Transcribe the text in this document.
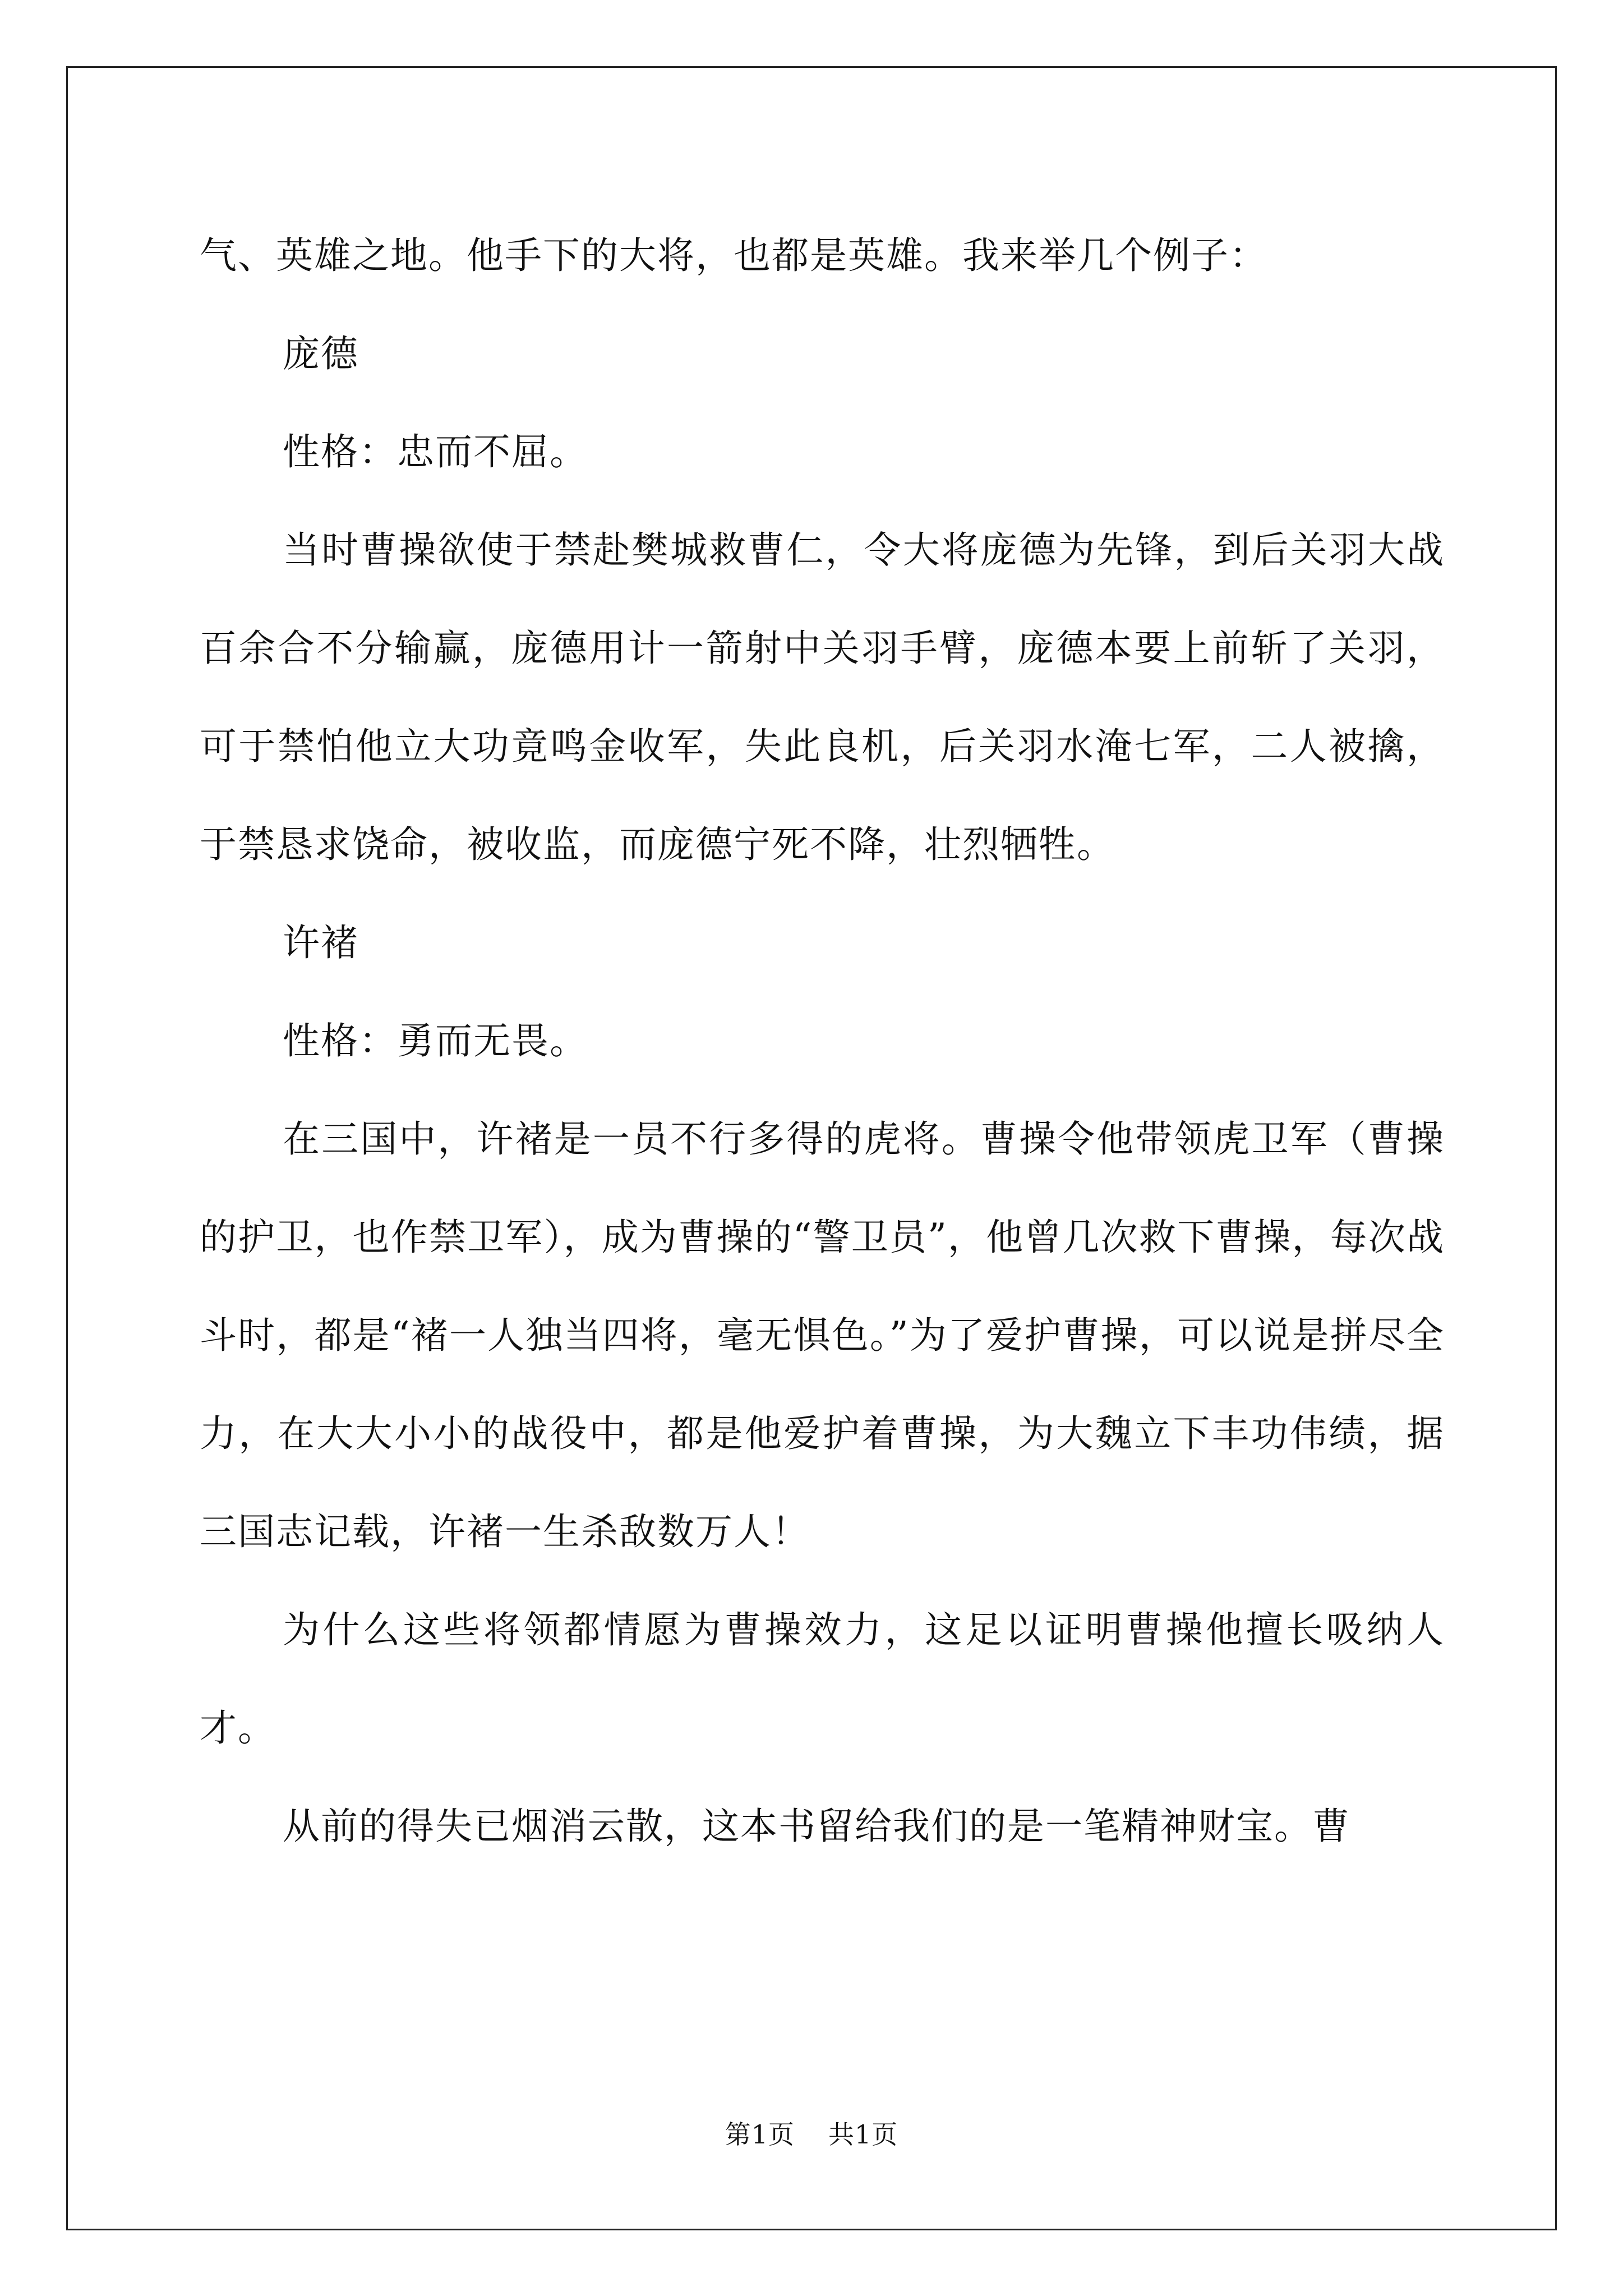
气、英雄之地。他手下的大将，也都是英雄。我来举几个例子：

庞德

性格：忠而不屈。

当时曹操欲使于禁赴樊城救曹仁，令大将庞德为先锋，到后关羽大战百余合不分输赢，庞德用计一箭射中关羽手臂，庞德本要上前斩了关羽，可于禁怕他立大功竟鸣金收军，失此良机，后关羽水淹七军，二人被擒，于禁恳求饶命，被收监，而庞德宁死不降，壮烈牺牲。

许褚

性格：勇而无畏。

在三国中，许褚是一员不行多得的虎将。曹操令他带领虎卫军（曹操的护卫，也作禁卫军），成为曹操的“警卫员”，他曾几次救下曹操，每次战斗时，都是“褚一人独当四将，毫无惧色。”为了爱护曹操，可以说是拼尽全力，在大大小小的战役中，都是他爱护着曹操，为大魏立下丰功伟绩，据三国志记载，许褚一生杀敌数万人！

为什么这些将领都情愿为曹操效力，这足以证明曹操他擅长吸纳人才。

从前的得失已烟消云散，这本书留给我们的是一笔精神财宝。曹

第1页 共1页
